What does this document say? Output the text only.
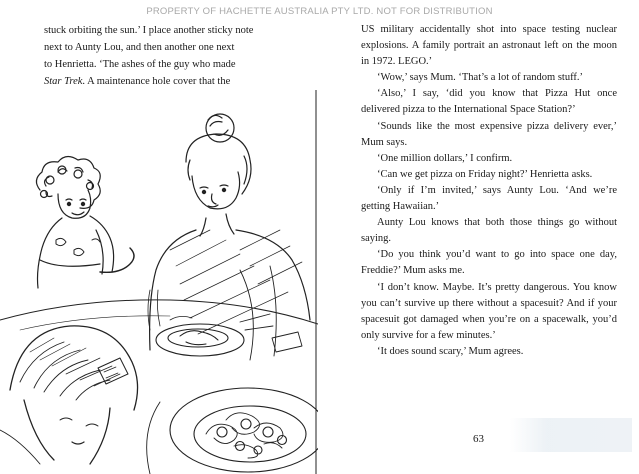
PROPERTY OF HACHETTE AUSTRALIA PTY LTD. NOT FOR DISTRIBUTION

stuck orbiting the sun.’ I place another sticky note

next to Aunty Lou, and then another one next

to Henrietta. ‘The ashes of the guy who made

Star Trek. A maintenance hole cover that the

US military accidentally shot into space testing nuclear explosions. A family portrait an astronaut left on the moon in 1972. LEGO.’

‘Wow,’ says Mum. ‘That’s a lot of random stuff.’

‘Also,’ I say, ‘did you know that Pizza Hut once delivered pizza to the International Space Station?’

‘Sounds like the most expensive pizza delivery ever,’ Mum says.

‘One million dollars,’ I confirm.

‘Can we get pizza on Friday night?’ Henrietta asks.

‘Only if I’m invited,’ says Aunty Lou. ‘And we’re getting Hawaiian.’

Aunty Lou knows that both those things go without saying.

‘Do you think you’d want to go into space one day, Freddie?’ Mum asks me.

‘I don’t know. Maybe. It’s pretty dangerous. You know you can’t survive up there without a spacesuit? And if your spacesuit got damaged when you’re on a spacewalk, you’d only survive for a few minutes.’

‘It does sound scary,’ Mum agrees.

63
